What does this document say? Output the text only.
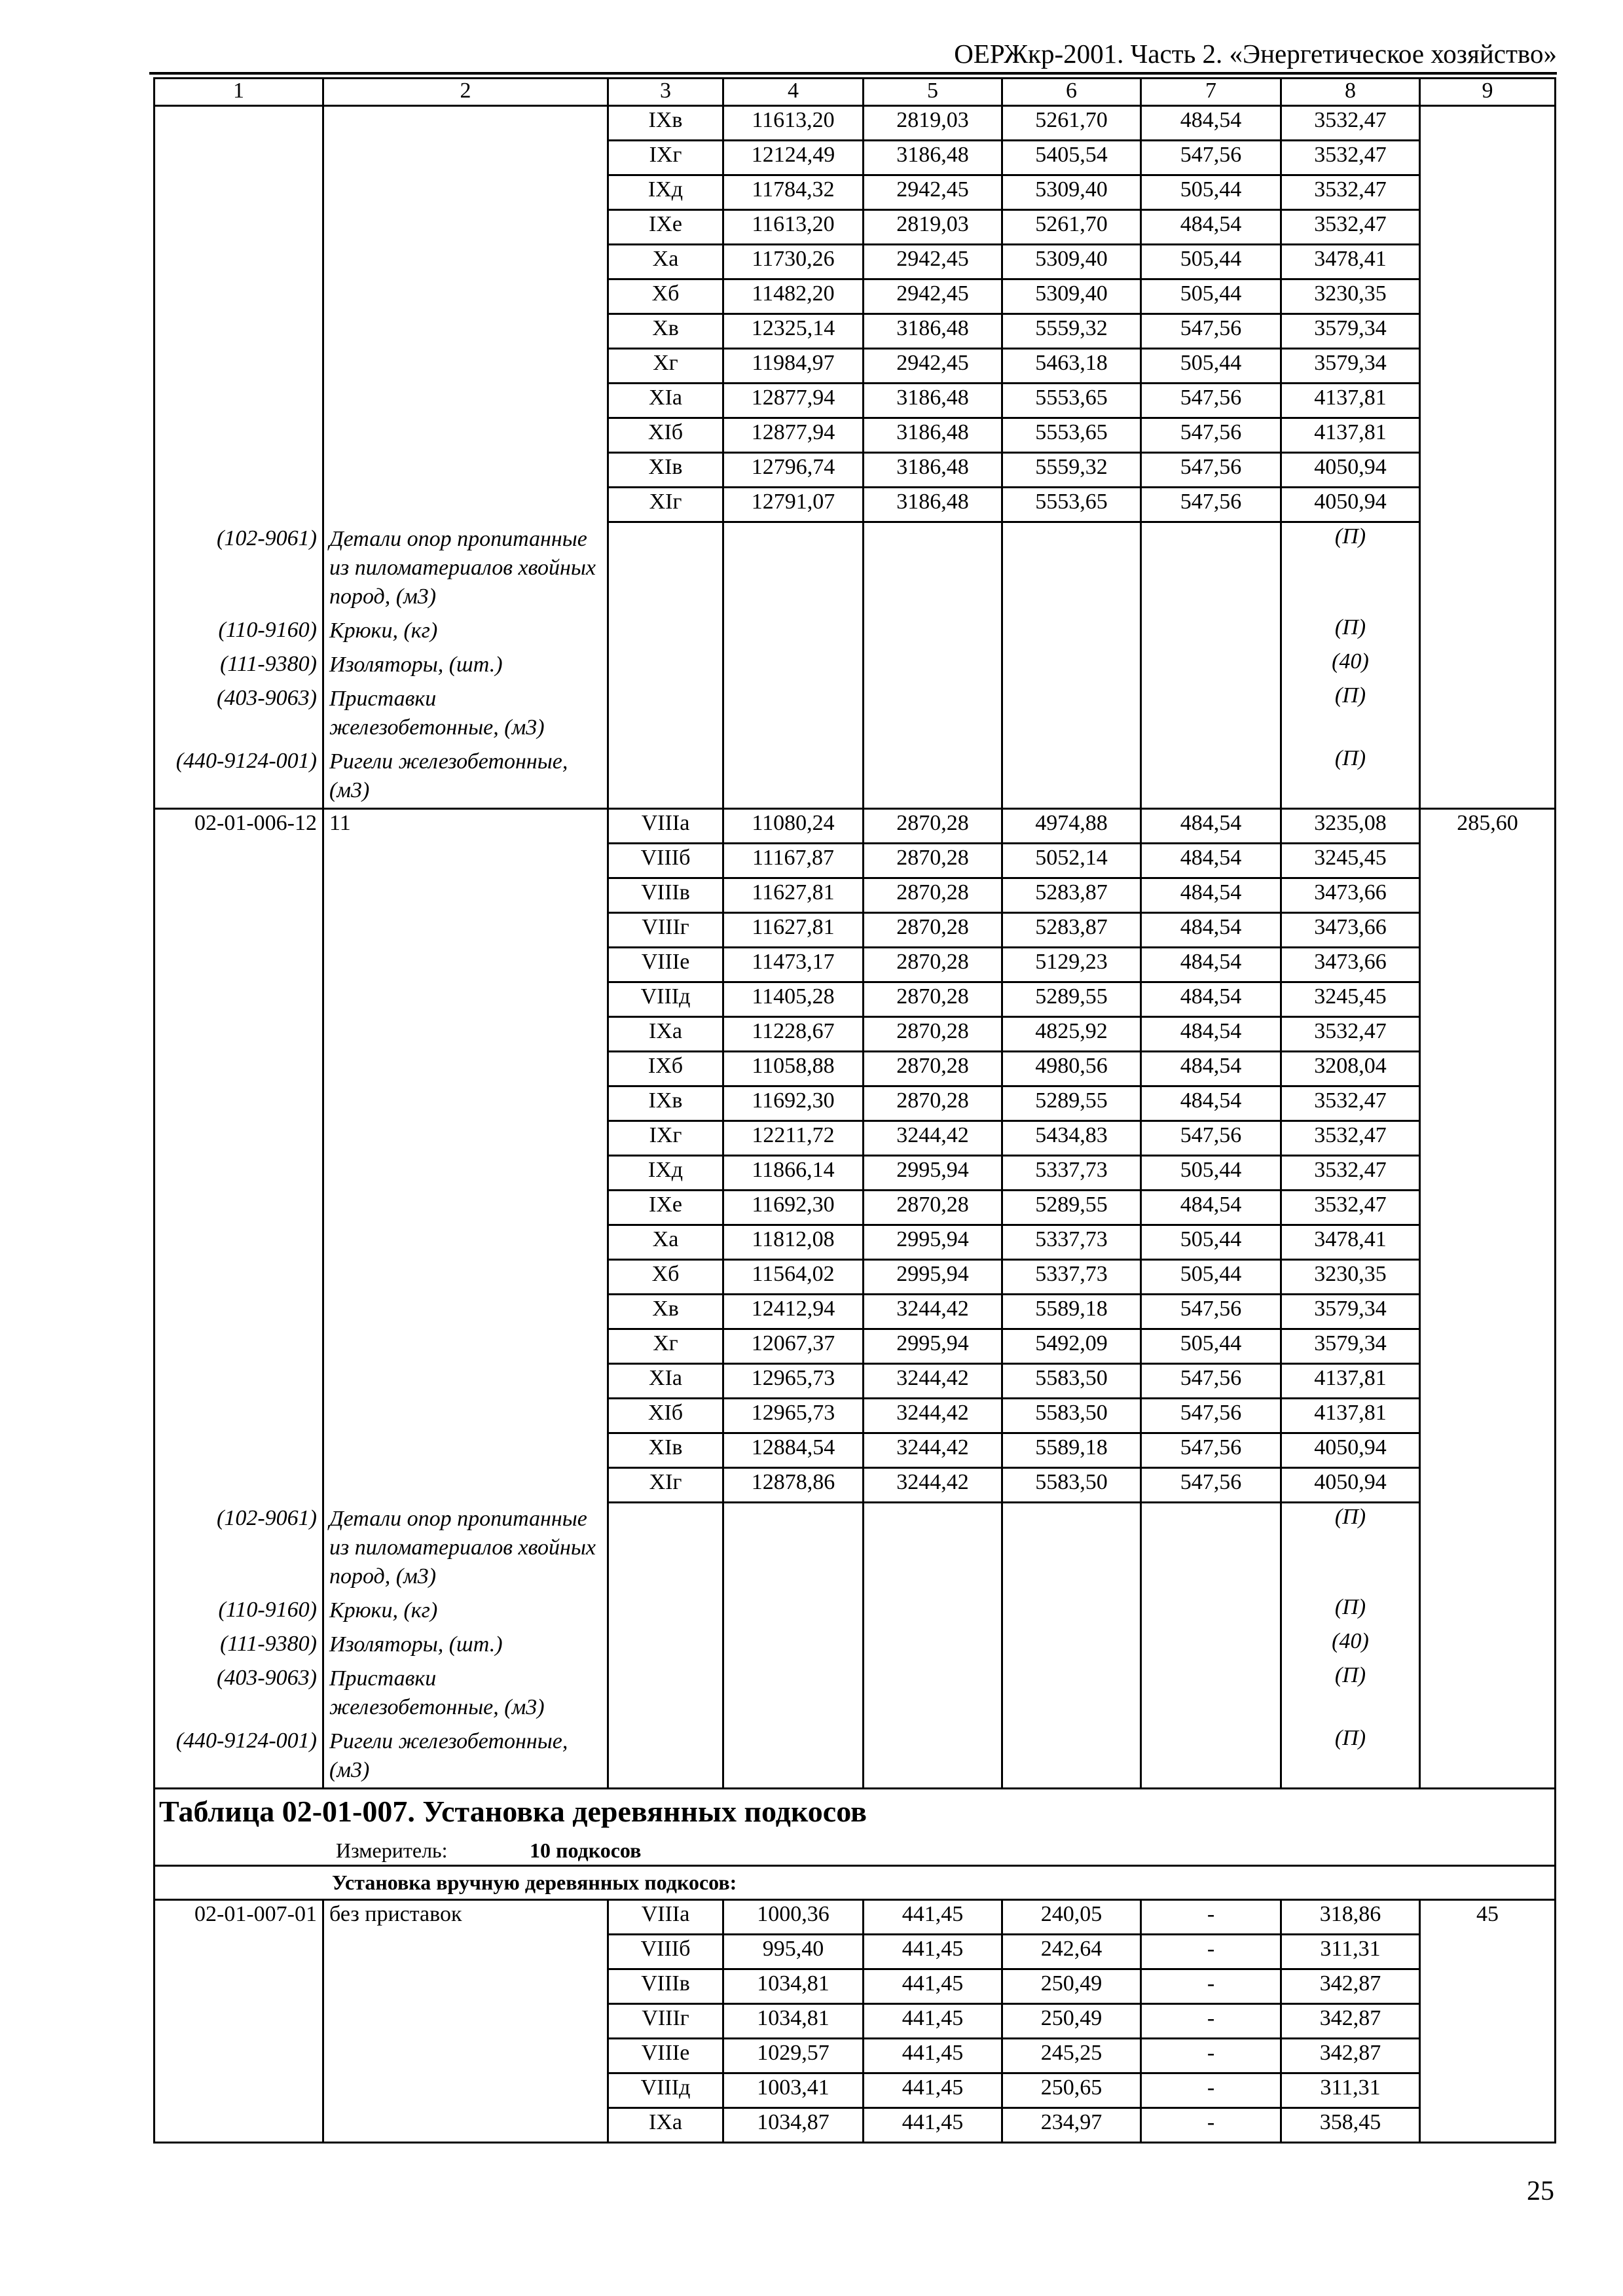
ОЕРЖкр-2001. Часть 2. «Энергетическое хозяйство»
1	2	3	4	5	6	7	8	9
		IXв	11613,20	2819,03	5261,70	484,54	3532,47	
		IXг	12124,49	3186,48	5405,54	547,56	3532,47	
		IXд	11784,32	2942,45	5309,40	505,44	3532,47	
		IXе	11613,20	2819,03	5261,70	484,54	3532,47	
		Xа	11730,26	2942,45	5309,40	505,44	3478,41	
		Xб	11482,20	2942,45	5309,40	505,44	3230,35	
		Xв	12325,14	3186,48	5559,32	547,56	3579,34	
		Xг	11984,97	2942,45	5463,18	505,44	3579,34	
		XIа	12877,94	3186,48	5553,65	547,56	4137,81	
		XIб	12877,94	3186,48	5553,65	547,56	4137,81	
		XIв	12796,74	3186,48	5559,32	547,56	4050,94	
		XIг	12791,07	3186,48	5553,65	547,56	4050,94	
(102-9061)	Детали опор пропитанные из пиломатериалов хвойных пород, (м3)						(П)	
(110-9160)	Крюки, (кг)						(П)	
(111-9380)	Изоляторы, (шт.)						(40)	
(403-9063)	Приставки железобетонные, (м3)						(П)	
(440-9124-001)	Ригели железобетонные, (м3)						(П)	
02-01-006-12	11	VIIIа	11080,24	2870,28	4974,88	484,54	3235,08	285,60
		VIIIб	11167,87	2870,28	5052,14	484,54	3245,45	
		VIIIв	11627,81	2870,28	5283,87	484,54	3473,66	
		VIIIг	11627,81	2870,28	5283,87	484,54	3473,66	
		VIIIе	11473,17	2870,28	5129,23	484,54	3473,66	
		VIIIд	11405,28	2870,28	5289,55	484,54	3245,45	
		IXа	11228,67	2870,28	4825,92	484,54	3532,47	
		IXб	11058,88	2870,28	4980,56	484,54	3208,04	
		IXв	11692,30	2870,28	5289,55	484,54	3532,47	
		IXг	12211,72	3244,42	5434,83	547,56	3532,47	
		IXд	11866,14	2995,94	5337,73	505,44	3532,47	
		IXе	11692,30	2870,28	5289,55	484,54	3532,47	
		Xа	11812,08	2995,94	5337,73	505,44	3478,41	
		Xб	11564,02	2995,94	5337,73	505,44	3230,35	
		Xв	12412,94	3244,42	5589,18	547,56	3579,34	
		Xг	12067,37	2995,94	5492,09	505,44	3579,34	
		XIа	12965,73	3244,42	5583,50	547,56	4137,81	
		XIб	12965,73	3244,42	5583,50	547,56	4137,81	
		XIв	12884,54	3244,42	5589,18	547,56	4050,94	
		XIг	12878,86	3244,42	5583,50	547,56	4050,94	
(102-9061)	Детали опор пропитанные из пиломатериалов хвойных пород, (м3)						(П)	
(110-9160)	Крюки, (кг)						(П)	
(111-9380)	Изоляторы, (шт.)						(40)	
(403-9063)	Приставки железобетонные, (м3)						(П)	
(440-9124-001)	Ригели железобетонные, (м3)						(П)	
Таблица 02-01-007. Установка деревянных подкосов								
Измеритель: 10 подкосов								
Установка вручную деревянных подкосов:								
02-01-007-01	без приставок	VIIIа	1000,36	441,45	240,05	-	318,86	45
		VIIIб	995,40	441,45	242,64	-	311,31	
		VIIIв	1034,81	441,45	250,49	-	342,87	
		VIIIг	1034,81	441,45	250,49	-	342,87	
		VIIIе	1029,57	441,45	245,25	-	342,87	
		VIIIд	1003,41	441,45	250,65	-	311,31	
		IXа	1034,87	441,45	234,97	-	358,45	
25
